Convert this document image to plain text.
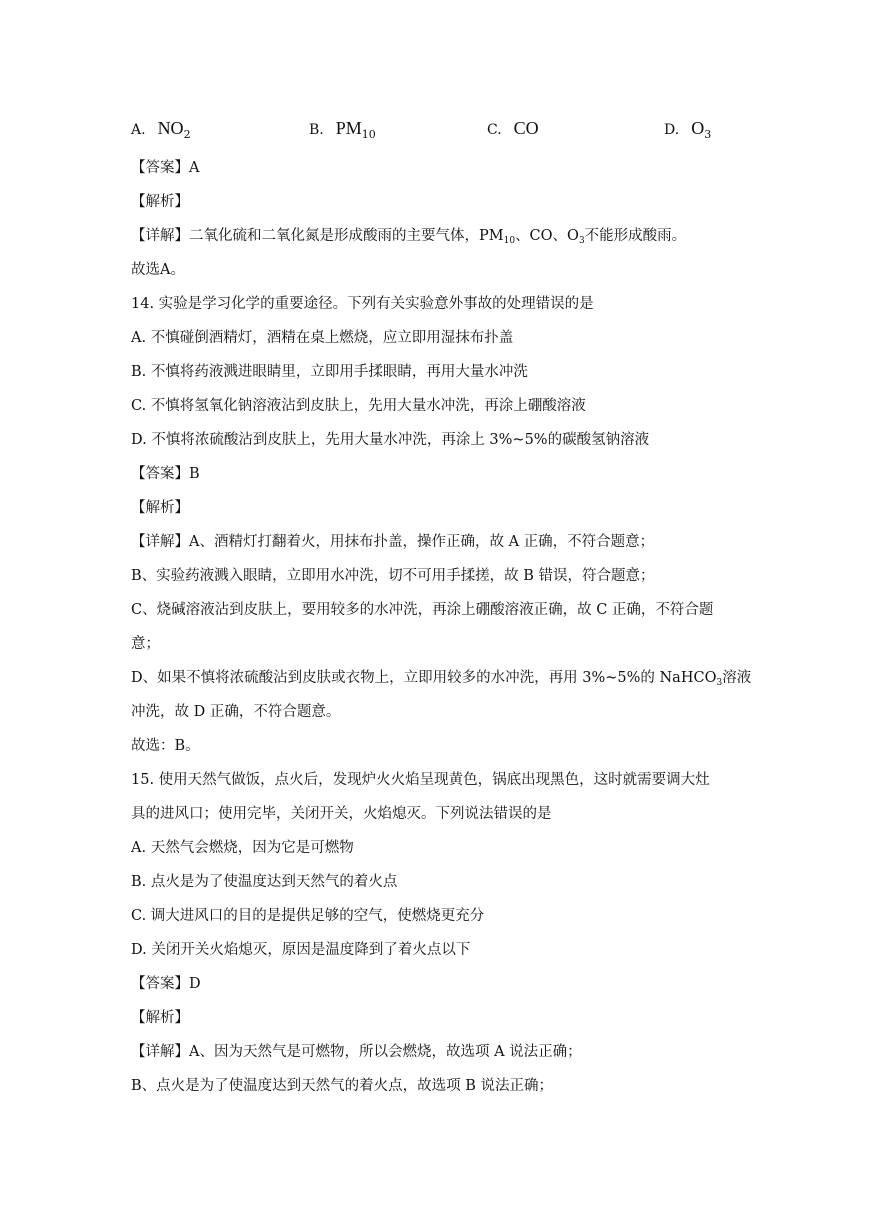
A. $NO_2$	B. $PM_{10}$	C. CO	D. $O_3$
【答案】A
【解析】
【详解】二氧化硫和二氧化氮是形成酸雨的主要气体，$PM_{10}$、CO、$O_3$不能形成酸雨。
故选A。
14. 实验是学习化学的重要途径。下列有关实验意外事故的处理错误的是
A. 不慎碰倒酒精灯，酒精在桌上燃烧，应立即用湿抹布扑盖
B. 不慎将药液溅进眼睛里，立即用手揉眼睛，再用大量水冲洗
C. 不慎将氢氧化钠溶液沾到皮肤上，先用大量水冲洗，再涂上硼酸溶液
D. 不慎将浓硫酸沾到皮肤上，先用大量水冲洗，再涂上 3%~5%的碳酸氢钠溶液
【答案】B
【解析】
【详解】A、酒精灯打翻着火，用抹布扑盖，操作正确，故 A 正确，不符合题意；
B、实验药液溅入眼睛，立即用水冲洗，切不可用手揉搓，故 B 错误，符合题意；
C、烧碱溶液沾到皮肤上，要用较多的水冲洗，再涂上硼酸溶液正确，故 C 正确，不符合题
意；
D、如果不慎将浓硫酸沾到皮肤或衣物上，立即用较多的水冲洗，再用 3%~5%的 NaHCO$_3$溶液
冲洗，故 D 正确，不符合题意。
故选：B。
15. 使用天然气做饭，点火后，发现炉火火焰呈现黄色，锅底出现黑色，这时就需要调大灶
具的进风口；使用完毕，关闭开关，火焰熄灭。下列说法错误的是
A. 天然气会燃烧，因为它是可燃物
B. 点火是为了使温度达到天然气的着火点
C. 调大进风口的目的是提供足够的空气，使燃烧更充分
D. 关闭开关火焰熄灭，原因是温度降到了着火点以下
【答案】D
【解析】
【详解】A、因为天然气是可燃物，所以会燃烧，故选项 A 说法正确；
B、点火是为了使温度达到天然气的着火点，故选项 B 说法正确；
